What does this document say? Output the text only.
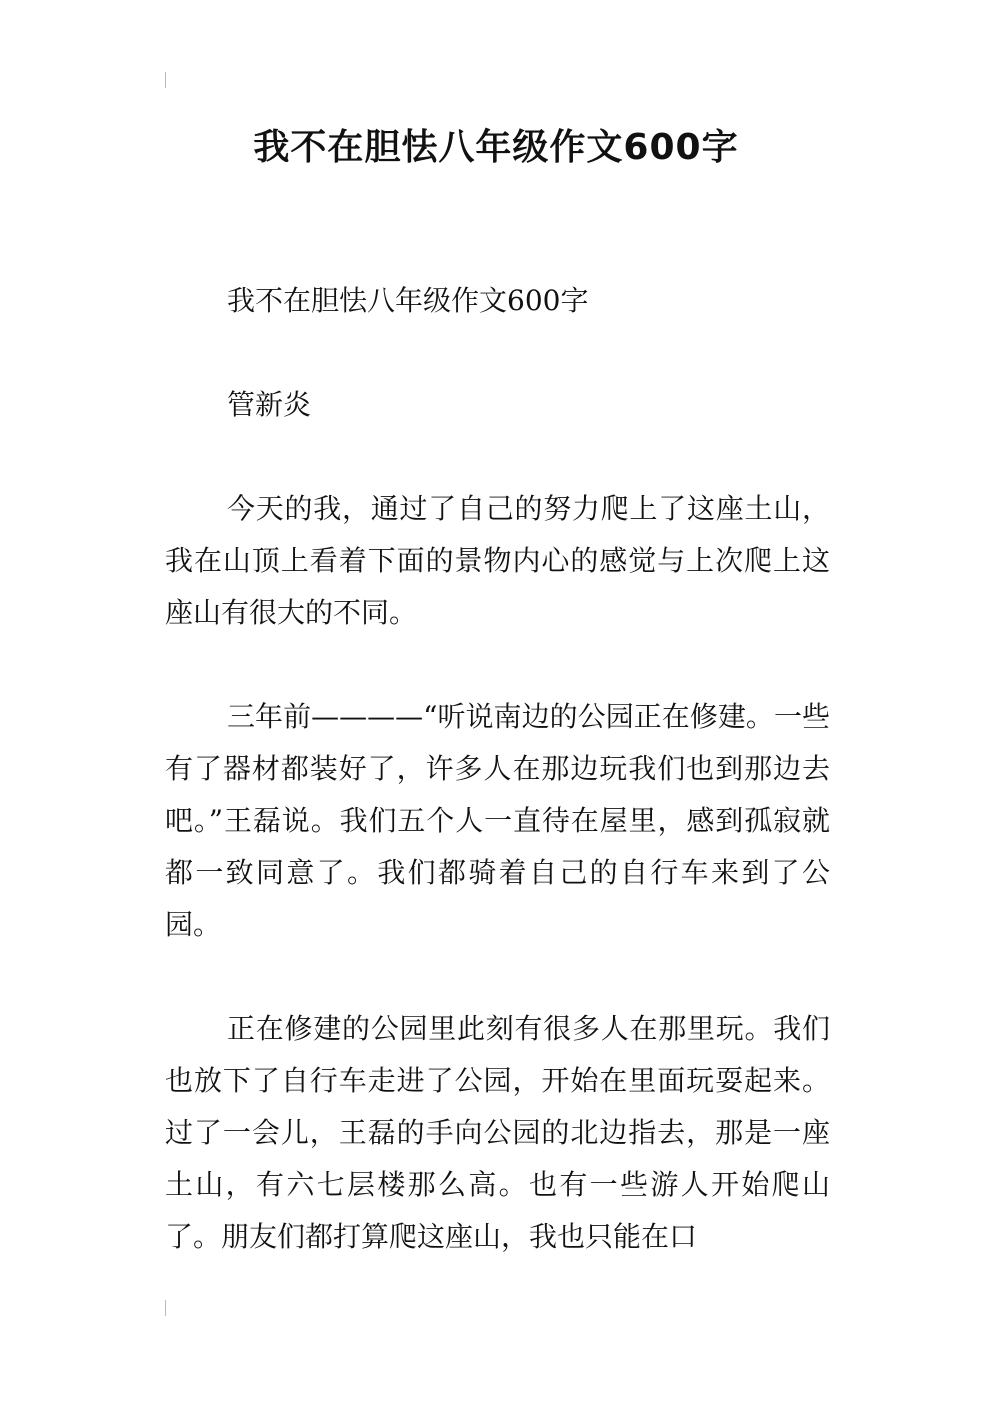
我不在胆怯八年级作文600字

我不在胆怯八年级作文600字

管新炎

今天的我，通过了自己的努力爬上了这座土山，我在山顶上看着下面的景物内心的感觉与上次爬上这座山有很大的不同。

三年前————“听说南边的公园正在修建。一些有了器材都装好了，许多人在那边玩我们也到那边去吧。”王磊说。我们五个人一直待在屋里，感到孤寂就都一致同意了。我们都骑着自己的自行车来到了公园。

正在修建的公园里此刻有很多人在那里玩。我们也放下了自行车走进了公园，开始在里面玩耍起来。过了一会儿，王磊的手向公园的北边指去，那是一座土山，有六七层楼那么高。也有一些游人开始爬山了。朋友们都打算爬这座山，我也只能在口
